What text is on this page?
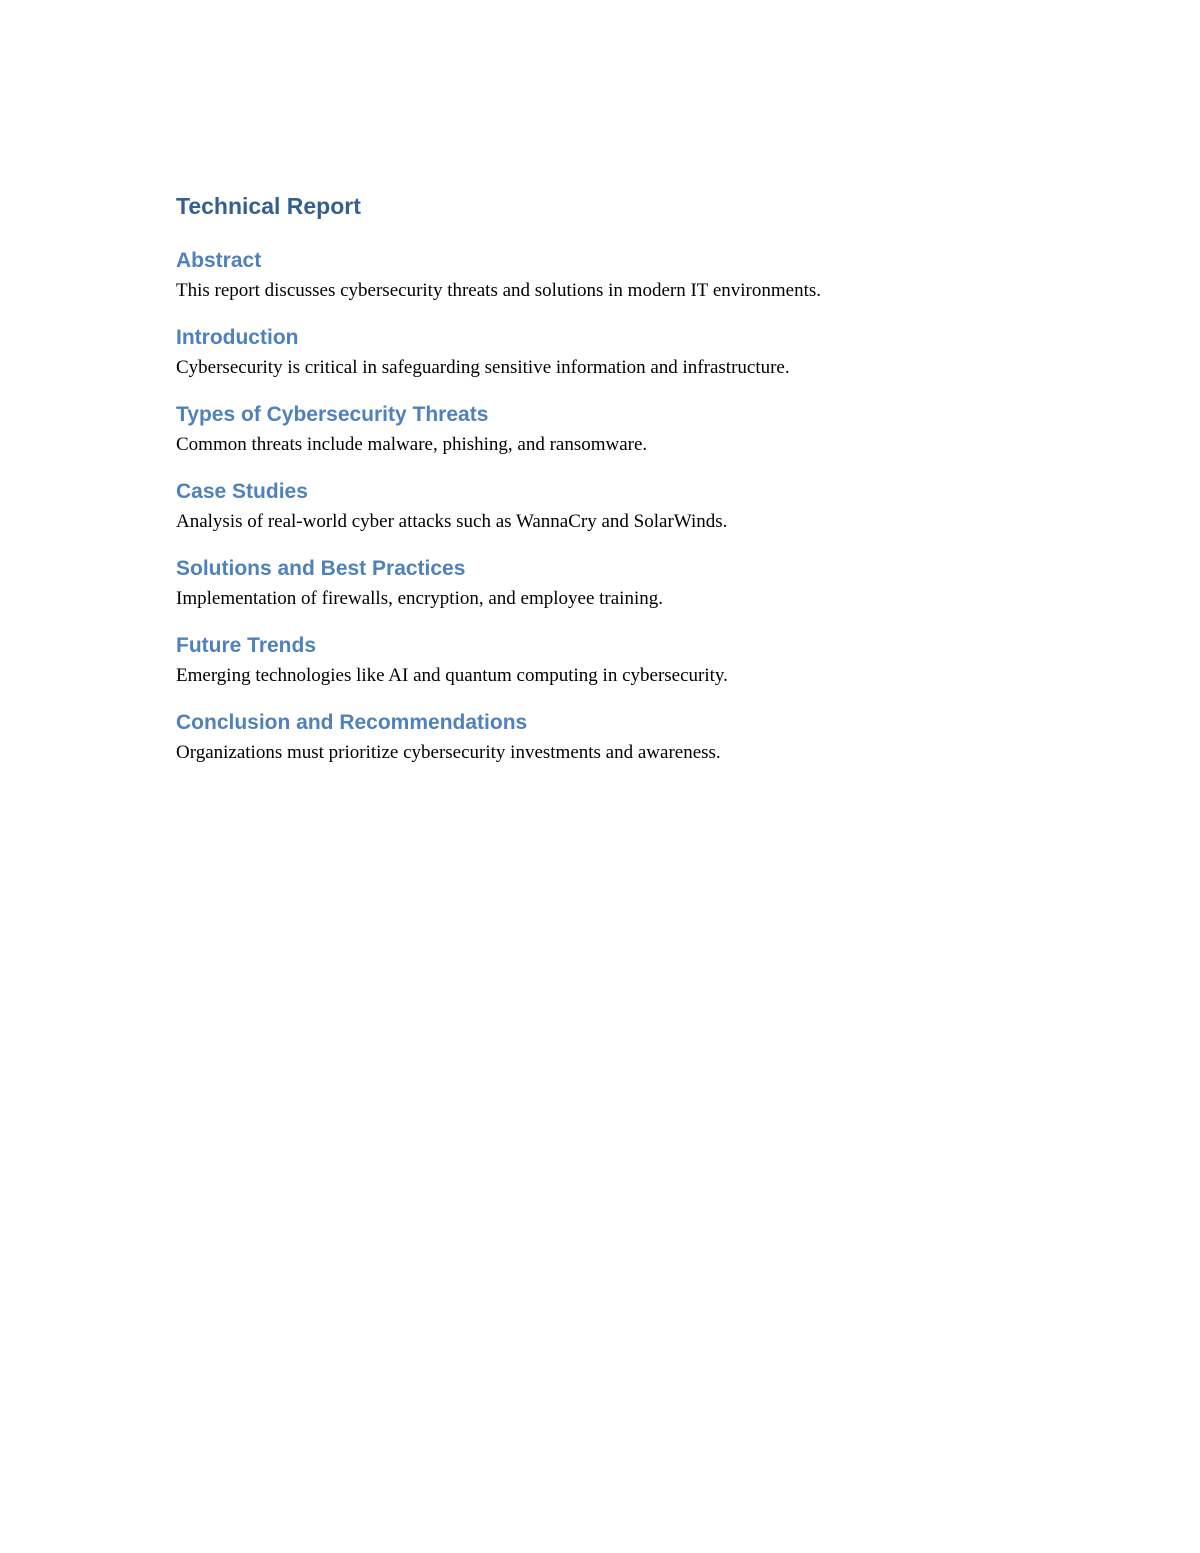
Technical Report
Abstract

This report discusses cybersecurity threats and solutions in modern IT environments.

Introduction

Cybersecurity is critical in safeguarding sensitive information and infrastructure.

Types of Cybersecurity Threats

Common threats include malware, phishing, and ransomware.

Case Studies

Analysis of real-world cyber attacks such as WannaCry and SolarWinds.

Solutions and Best Practices

Implementation of firewalls, encryption, and employee training.

Future Trends

Emerging technologies like AI and quantum computing in cybersecurity.

Conclusion and Recommendations

Organizations must prioritize cybersecurity investments and awareness.
